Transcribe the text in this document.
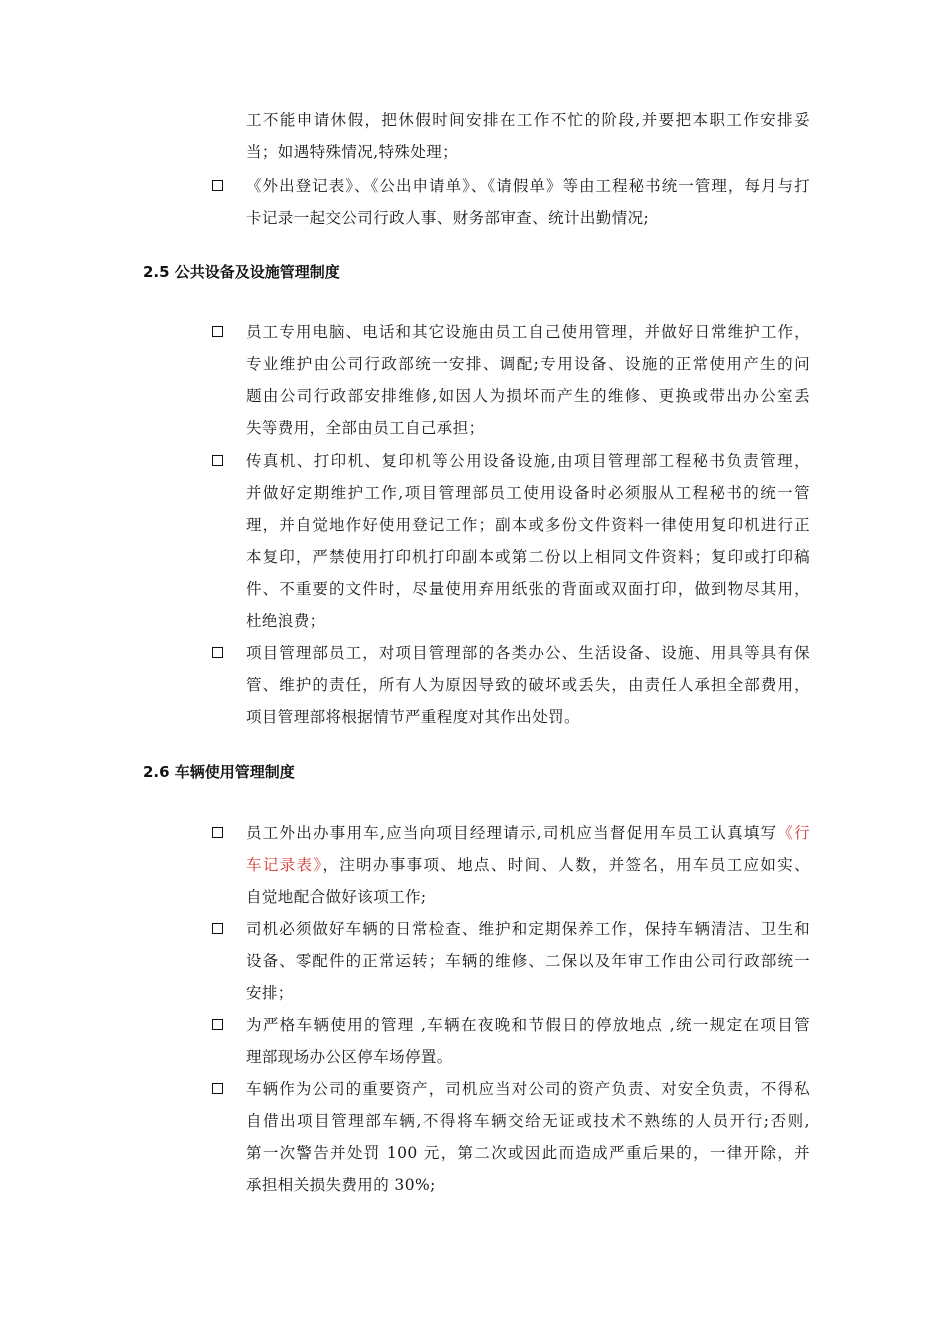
工不能申请休假，把休假时间安排在工作不忙的阶段,并要把本职工作安排妥
当；如遇特殊情况,特殊处理；
《外出登记表》、《公出申请单》、《请假单》等由工程秘书统一管理，每月与打
卡记录一起交公司行政人事、财务部审查、统计出勤情况;
2.5 公共设备及设施管理制度
员工专用电脑、电话和其它设施由员工自己使用管理，并做好日常维护工作，
专业维护由公司行政部统一安排、调配;专用设备、设施的正常使用产生的问
题由公司行政部安排维修,如因人为损坏而产生的维修、更换或带出办公室丢
失等费用，全部由员工自己承担；
传真机、打印机、复印机等公用设备设施,由项目管理部工程秘书负责管理，
并做好定期维护工作,项目管理部员工使用设备时必须服从工程秘书的统一管
理，并自觉地作好使用登记工作；副本或多份文件资料一律使用复印机进行正
本复印，严禁使用打印机打印副本或第二份以上相同文件资料；复印或打印稿
件、不重要的文件时，尽量使用弃用纸张的背面或双面打印，做到物尽其用，
杜绝浪费；
项目管理部员工，对项目管理部的各类办公、生活设备、设施、用具等具有保
管、维护的责任，所有人为原因导致的破坏或丢失，由责任人承担全部费用，
项目管理部将根据情节严重程度对其作出处罚。
2.6 车辆使用管理制度
员工外出办事用车,应当向项目经理请示,司机应当督促用车员工认真填写《行
车记录表》，注明办事事项、地点、时间、人数，并签名，用车员工应如实、
自觉地配合做好该项工作;
司机必须做好车辆的日常检查、维护和定期保养工作，保持车辆清洁、卫生和
设备、零配件的正常运转；车辆的维修、二保以及年审工作由公司行政部统一
安排；
为严格车辆使用的管理 ,车辆在夜晚和节假日的停放地点 ,统一规定在项目管
理部现场办公区停车场停置。
车辆作为公司的重要资产，司机应当对公司的资产负责、对安全负责，不得私
自借出项目管理部车辆,不得将车辆交给无证或技术不熟练的人员开行;否则,
第一次警告并处罚 100 元，第二次或因此而造成严重后果的，一律开除，并
承担相关损失费用的 30%;
